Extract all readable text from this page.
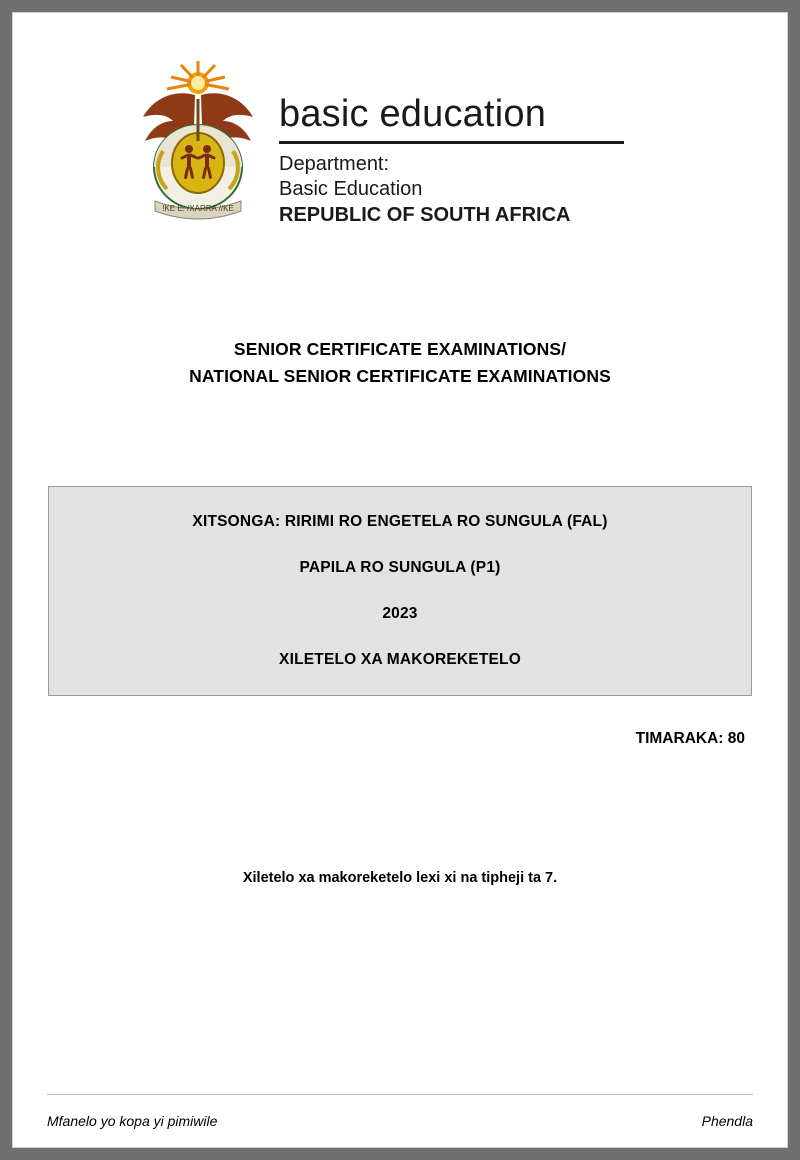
!KE E: /XARRA //KE
basic education
Department:
Basic Education
REPUBLIC OF SOUTH AFRICA
SENIOR CERTIFICATE EXAMINATIONS/
NATIONAL SENIOR CERTIFICATE EXAMINATIONS
XITSONGA: RIRIMI RO ENGETELA RO SUNGULA (FAL)
PAPILA RO SUNGULA (P1)
2023
XILETELO XA MAKOREKETELO
TIMARAKA: 80
Xiletelo xa makoreketelo lexi xi na tipheji ta 7.
Mfanelo yo kopa yi pimiwile	Phendla
